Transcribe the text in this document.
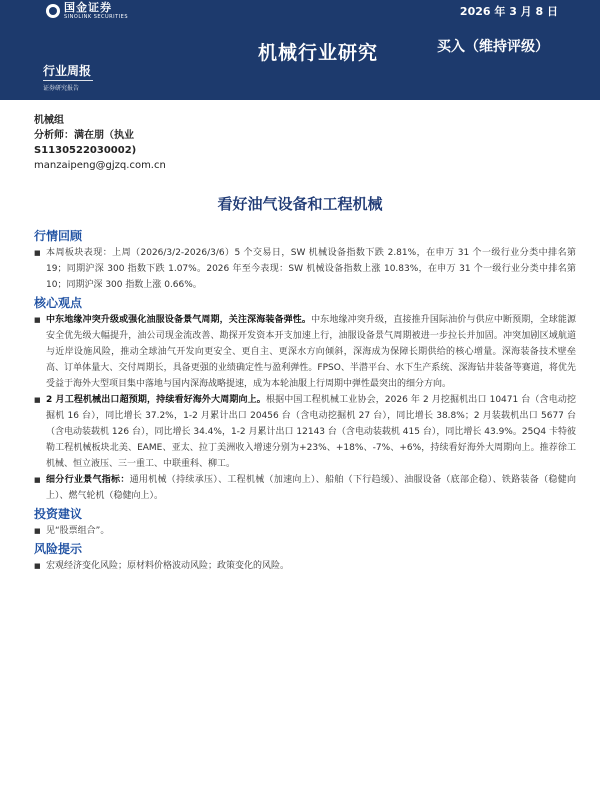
国金证券
SINOLINK SECURITIES	2026 年 3 月 8 日
机械行业研究	买入（维持评级）
行业周报
证券研究报告
机械组
分析师：满在朋（执业
S1130522030002)
manzaipeng@gjzq.com.cn
看好油气设备和工程机械
行情回顾
■ 本周板块表现：上周（2026/3/2-2026/3/6）5 个交易日，SW 机械设备指数下跌 2.81%，在申万 31 个一级行业分类中排名第 19；同期沪深 300 指数下跌 1.07%。2026 年至今表现：SW 机械设备指数上涨 10.83%，在申万 31 个一级行业分类中排名第 10；同期沪深 300 指数上涨 0.66%。
核心观点
■ 中东地缘冲突升级或强化油服设备景气周期，关注深海装备弹性。中东地缘冲突升级，直接推升国际油价与供应中断预期，全球能源安全优先级大幅提升，油公司现金流改善、勘探开发资本开支加速上行，油服设备景气周期被进一步拉长并加固。冲突加剧区域航道与近岸设施风险，推动全球油气开发向更安全、更自主、更深水方向倾斜，深海成为保障长期供给的核心增量。深海装备技术壁垒高、订单体量大、交付周期长，具备更强的业绩确定性与盈利弹性。FPSO、半潜平台、水下生产系统、深海钻井装备等赛道，将优先受益于海外大型项目集中落地与国内深海战略提速，成为本轮油服上行周期中弹性最突出的细分方向。
■ 2 月工程机械出口超预期，持续看好海外大周期向上。根据中国工程机械工业协会，2026 年 2 月挖掘机出口 10471 台（含电动挖掘机 16 台），同比增长 37.2%，1-2 月累计出口 20456 台（含电动挖掘机 27 台），同比增长 38.8%；2 月装载机出口 5677 台（含电动装载机 126 台），同比增长 34.4%，1-2 月累计出口 12143 台（含电动装载机 415 台），同比增长 43.9%。25Q4 卡特彼勒工程机械板块北美、EAME、亚太、拉丁美洲收入增速分别为+23%、+18%、-7%、+6%，持续看好海外大周期向上。推荐徐工机械、恒立液压、三一重工、中联重科、柳工。
■ 细分行业景气指标：通用机械（持续承压）、工程机械（加速向上）、船舶（下行趋缓）、油服设备（底部企稳）、铁路装备（稳健向上）、燃气轮机（稳健向上）。
投资建议
■ 见“股票组合”。
风险提示
■ 宏观经济变化风险；原材料价格波动风险；政策变化的风险。
